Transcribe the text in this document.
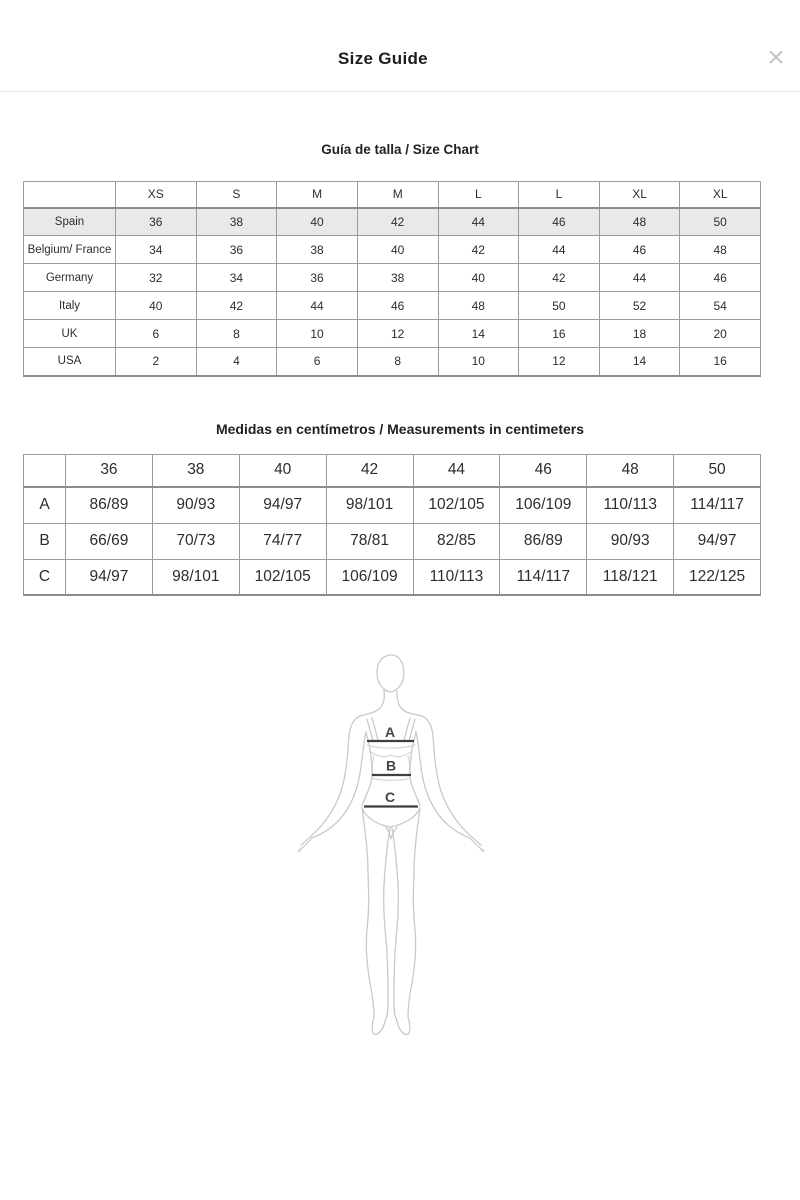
Size Guide	×
Guía de talla / Size Chart
	XS	S	M	M	L	L	XL	XL
Spain	36	38	40	42	44	46	48	50
Belgium/ France	34	36	38	40	42	44	46	48
Germany	32	34	36	38	40	42	44	46
Italy	40	42	44	46	48	50	52	54
UK	6	8	10	12	14	16	18	20
USA	2	4	6	8	10	12	14	16
Medidas en centímetros / Measurements in centimeters
	36	38	40	42	44	46	48	50
A	86/89	90/93	94/97	98/101	102/105	106/109	110/113	114/117
B	66/69	70/73	74/77	78/81	82/85	86/89	90/93	94/97
C	94/97	98/101	102/105	106/109	110/113	114/117	118/121	122/125
A
B
C
